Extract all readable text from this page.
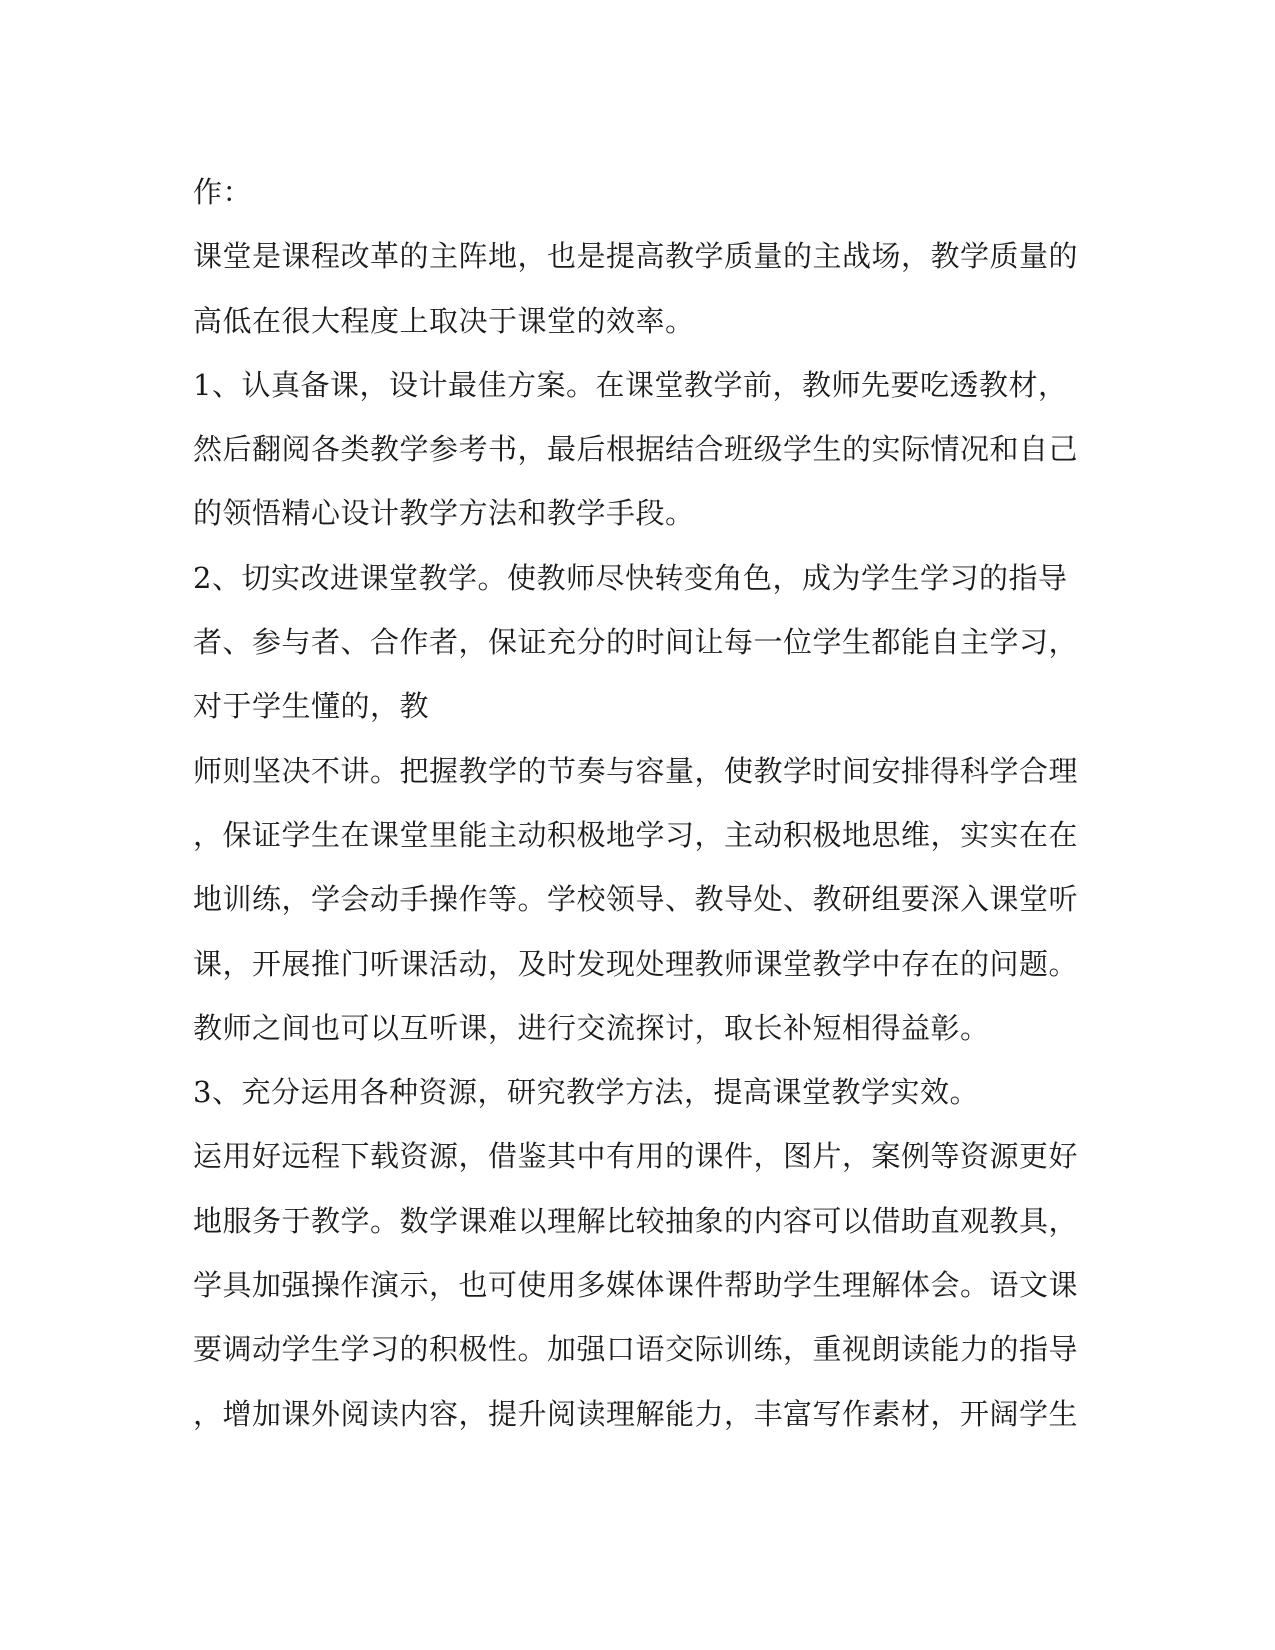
作：
课堂是课程改革的主阵地，也是提高教学质量的主战场，教学质量的
高低在很大程度上取决于课堂的效率。
1、认真备课，设计最佳方案。在课堂教学前，教师先要吃透教材，
然后翻阅各类教学参考书，最后根据结合班级学生的实际情况和自己
的领悟精心设计教学方法和教学手段。
2、切实改进课堂教学。使教师尽快转变角色，成为学生学习的指导
者、参与者、合作者，保证充分的时间让每一位学生都能自主学习，
对于学生懂的，教
师则坚决不讲。把握教学的节奏与容量，使教学时间安排得科学合理
，保证学生在课堂里能主动积极地学习，主动积极地思维，实实在在
地训练，学会动手操作等。学校领导、教导处、教研组要深入课堂听
课，开展推门听课活动，及时发现处理教师课堂教学中存在的问题。
教师之间也可以互听课，进行交流探讨，取长补短相得益彰。
3、充分运用各种资源，研究教学方法，提高课堂教学实效。
运用好远程下载资源，借鉴其中有用的课件，图片，案例等资源更好
地服务于教学。数学课难以理解比较抽象的内容可以借助直观教具，
学具加强操作演示，也可使用多媒体课件帮助学生理解体会。语文课
要调动学生学习的积极性。加强口语交际训练，重视朗读能力的指导
，增加课外阅读内容，提升阅读理解能力，丰富写作素材，开阔学生
